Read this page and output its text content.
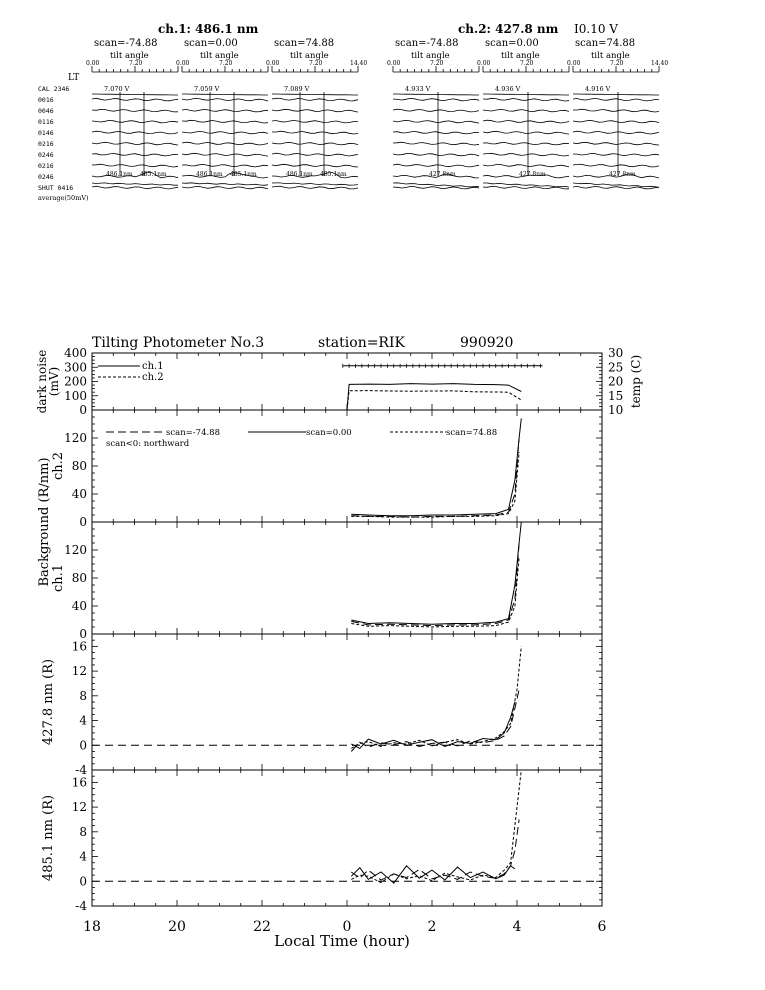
ch.1: 486.1 nm	ch.2: 427.8 nm I0.10 V
LT
CAL 2346
0016
0046
0116
0146
0216
0246
0216
0246
SHUT 0416
average(50mV)
scan=-74.88
tilt angle
0.00	7.20
7.070 V
486.1nm 485.1nm
scan=0.00
tilt angle
0.00	7.20
7.059 V
486.1nm 485.1nm
scan=74.88
tilt angle
0.00	7.20	14.40
7.089 V
486.1nm 485.1nm
scan=-74.88
tilt angle
0.00	7.20
4.933 V
427.8nm
scan=0.00
tilt angle
0.00	7.20
4.936 V
427.8nm
scan=74.88
tilt angle
0.00	7.20	14.40
4.916 V
427.8nm
Tilting Photometer No.3	station=RIK	990920
0
100
200
300
400
10
15
20
25
30
temp (C)
dark noise
(mV)
ch.1
ch.2
0
40
80
120
ch.2
scan=-74.88	scan=0.00	scan=74.88
scan<0: northward
0
40
80
120
ch.1
-4
0
4
8
12
16
427.8 nm (R)
-4
0
4
8
12
16
485.1 nm (R)
18	20	22	0	2	4	6
Local Time (hour)
Background (R/nm)
